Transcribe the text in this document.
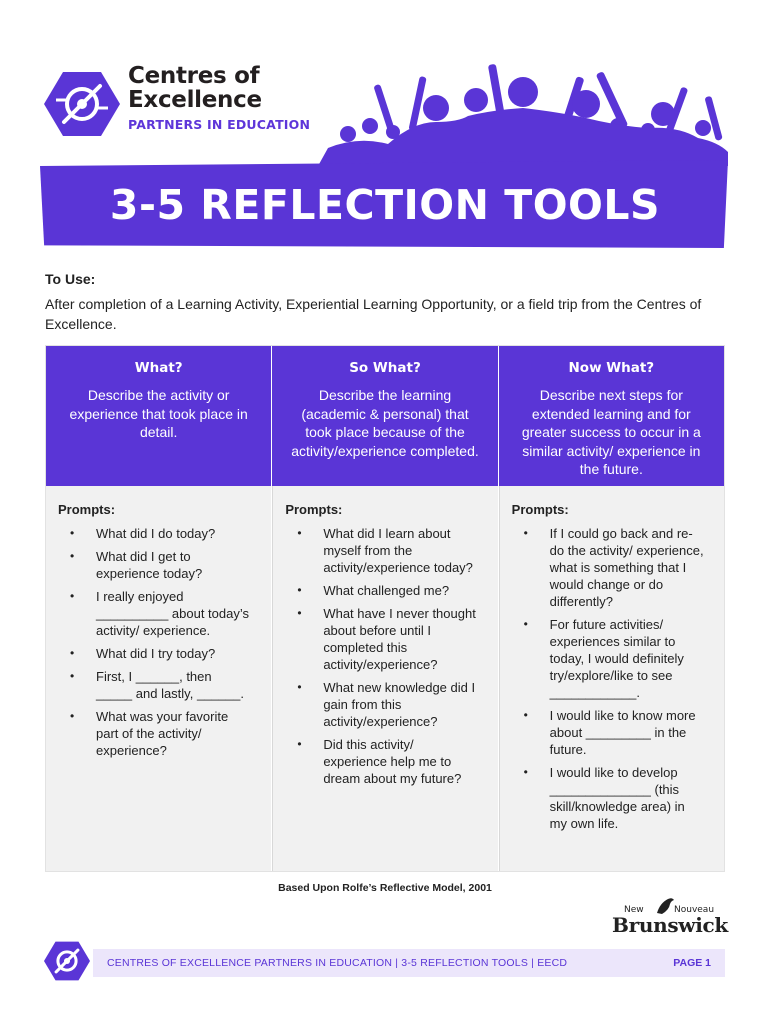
Centres of
Excellence
PARTNERS IN EDUCATION
3-5 REFLECTION TOOLS
To Use:
After completion of a Learning Activity, Experiential Learning Opportunity, or a field trip from the Centres of Excellence.
What?
Describe the activity or experience that took place in detail.
Prompts:
• What did I do today?
• What did I get to experience today?
• I really enjoyed __________ about today’s activity/ experience.
• What did I try today?
• First, I ______, then _____ and lastly, ______.
• What was your favorite part of the activity/ experience?
So What?
Describe the learning (academic & personal) that took place because of the activity/experience completed.
Prompts:
• What did I learn about myself from the activity/experience today?
• What challenged me?
• What have I never thought about before until I completed this activity/experience?
• What new knowledge did I gain from this activity/experience?
• Did this activity/ experience help me to dream about my future?
Now What?
Describe next steps for extended learning and for greater success to occur in a similar activity/ experience in the future.
Prompts:
• If I could go back and re-do the activity/ experience, what is something that I would change or do differently?
• For future activities/ experiences similar to today, I would definitely try/explore/like to see ____________.
• I would like to know more about _________ in the future.
• I would like to develop ______________ (this skill/knowledge area) in my own life.
Based Upon Rolfe’s Reflective Model, 2001
New	Nouveau
Brunswick
CENTRES OF EXCELLENCE PARTNERS IN EDUCATION | 3-5 REFLECTION TOOLS | EECD	PAGE 1
